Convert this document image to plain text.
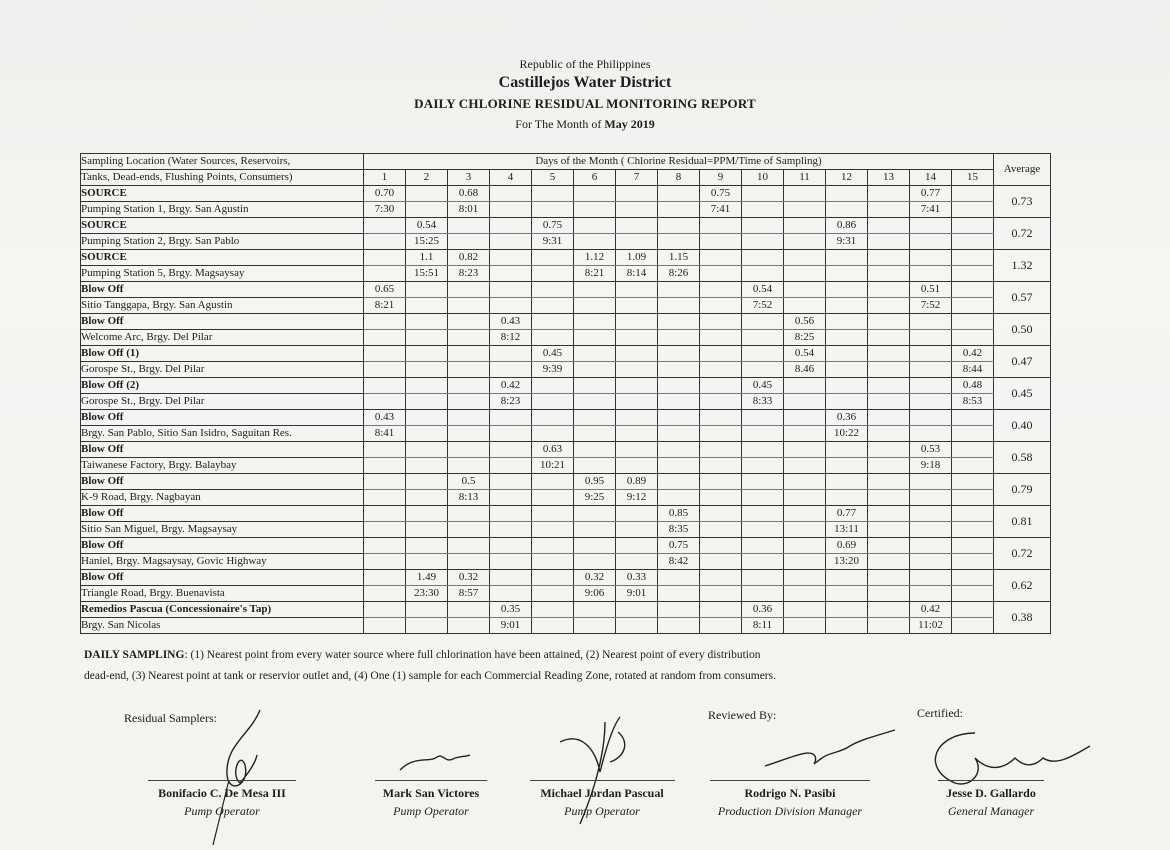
Republic of the Philippines
Castillejos Water District
DAILY CHLORINE RESIDUAL MONITORING REPORT
For The Month of May 2019
Sampling Location (Water Sources, Reservoirs,	Days of the Month ( Chlorine Residual=PPM/Time of Sampling)															Average
Tanks, Dead-ends, Flushing Points, Consumers)	1	2	3	4	5	6	7	8	9	10	11	12	13	14	15	

SOURCE	0.70		0.68						0.75					0.77		0.73
Pumping Station 1, Brgy. San Agustin	7:30		8:01						7:41					7:41		

SOURCE		0.54			0.75							0.86				0.72
Pumping Station 2, Brgy. San Pablo		15:25			9:31							9:31				

SOURCE		1.1	0.82			1.12	1.09	1.15								1.32
Pumping Station 5, Brgy. Magsaysay		15:51	8:23			8:21	8:14	8:26								

Blow Off	0.65									0.54				0.51		0.57
Sitio Tanggapa, Brgy. San Agustin	8:21									7:52				7:52		

Blow Off				0.43							0.56					0.50
Welcome Arc, Brgy. Del Pilar				8:12							8:25					

Blow Off (1)					0.45						0.54				0.42	0.47
Gorospe St., Brgy. Del Pilar					9:39						8.46				8:44	

Blow Off (2)				0.42						0.45					0.48	0.45
Gorospe St., Brgy. Del Pilar				8:23						8:33					8:53	

Blow Off	0.43											0.36				0.40
Brgy. San Pablo, Sitio San Isidro, Saguitan Res.	8:41											10:22				

Blow Off					0.63									0.53		0.58
Taiwanese Factory, Brgy. Balaybay					10:21									9:18		

Blow Off			0.5			0.95	0.89									0.79
K-9 Road, Brgy. Nagbayan			8:13			9:25	9:12									

Blow Off								0.85				0.77				0.81
Sitio San Miguel, Brgy. Magsaysay								8:35				13:11				

Blow Off								0.75				0.69				0.72
Haniel, Brgy. Magsaysay, Govic Highway								8:42				13:20				

Blow Off		1.49	0.32			0.32	0.33									0.62
Triangle Road, Brgy. Buenavista		23:30	8:57			9:06	9:01									

Remedios Pascua (Concessionaire's Tap)				0.35						0.36				0.42		0.38
Brgy. San Nicolas				9:01						8:11				11:02		
DAILY SAMPLING: (1) Nearest point from every water source where full chlorination have been attained, (2) Nearest point of every distribution
dead-end, (3) Nearest point at tank or reservior outlet and, (4) One (1) sample for each Commercial Reading Zone, rotated at random from consumers.
Residual Samplers:	Reviewed By:	Certified:
Bonifacio C. De Mesa III
Pump Operator
Mark San Victores
Pump Operator
Michael Jordan Pascual
Pump Operator
Rodrigo N. Pasibi
Production Division Manager
Jesse D. Gallardo
General Manager
